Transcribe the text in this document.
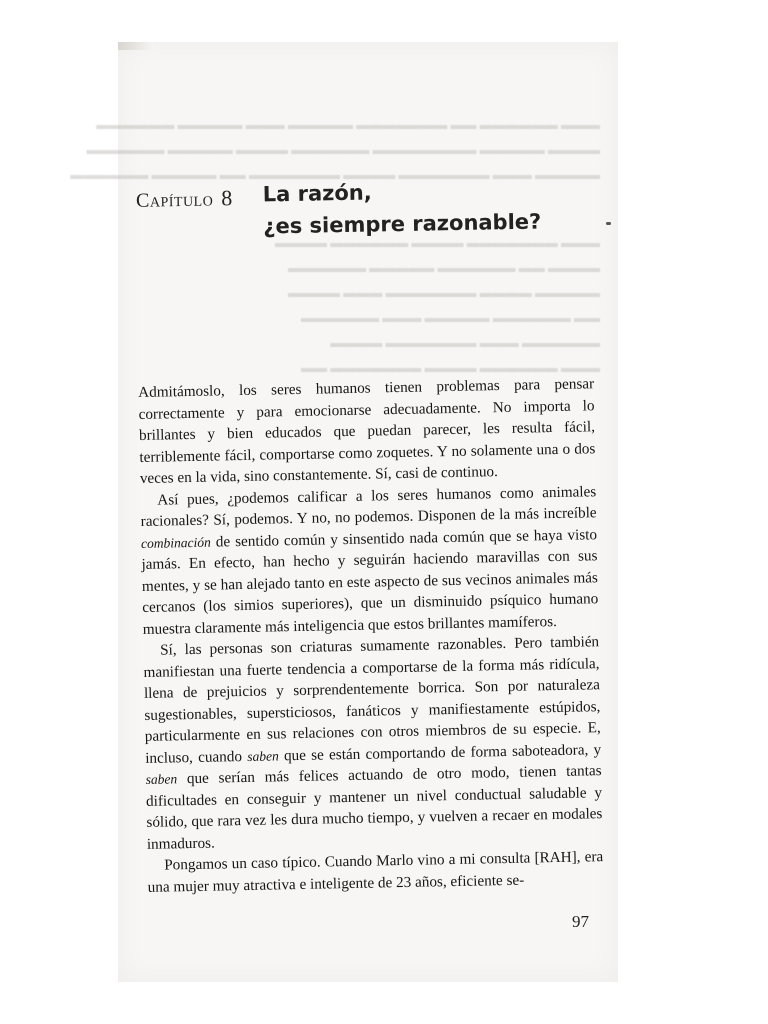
▬▬▬ ▬▬▬▬▬▬ ▬▬ ▬▬▬▬▬▬▬ ▬▬▬▬▬ ▬▬▬ ▬▬▬▬▬ ▬▬▬▬▬▬
▬▬▬▬ ▬▬▬▬▬ ▬▬▬▬▬▬▬▬ ▬▬▬▬▬▬ ▬▬▬▬ ▬▬▬▬▬ ▬▬▬▬▬▬
▬▬▬▬▬ ▬▬▬ ▬▬▬▬▬▬▬ ▬▬▬▬ ▬▬▬▬▬▬▬ ▬▬ ▬▬▬▬▬ ▬▬▬▬▬▬
▬▬▬ ▬▬▬▬▬▬▬ ▬▬▬▬ ▬▬▬▬▬▬ ▬▬▬▬
▬▬▬▬ ▬▬ ▬▬▬▬▬▬ ▬▬▬▬▬ ▬▬▬▬▬▬
▬▬▬▬▬ ▬▬▬▬ ▬▬▬▬▬▬▬ ▬▬▬ ▬▬▬▬
▬▬ ▬▬▬▬▬▬ ▬▬▬▬▬ ▬▬▬ ▬▬▬▬▬▬
▬▬▬▬▬▬ ▬▬▬ ▬▬▬▬▬▬▬ ▬▬▬▬
▬▬▬ ▬▬▬▬▬▬ ▬▬▬▬ ▬▬▬▬▬▬▬ ▬▬
Capítulo 8 La razón,
¿es siempre razonable?

Admitámoslo, los seres humanos tienen problemas para pensar correctamente y para emocionarse adecuadamente. No importa lo brillantes y bien educados que puedan parecer, les resulta fácil, terriblemente fácil, comportarse como zoquetes. Y no solamente una o dos veces en la vida, sino constantemente. Sí, casi de continuo.

Así pues, ¿podemos calificar a los seres humanos como animales racionales? Sí, podemos. Y no, no podemos. Disponen de la más increíble combinación de sentido común y sinsentido nada común que se haya visto jamás. En efecto, han hecho y seguirán haciendo maravillas con sus mentes, y se han alejado tanto en este aspecto de sus vecinos animales más cercanos (los simios superiores), que un disminuido psíquico humano muestra claramente más inteligencia que estos brillantes mamíferos.

Sí, las personas son criaturas sumamente razonables. Pero también manifiestan una fuerte tendencia a comportarse de la forma más ridícula, llena de prejuicios y sorprendentemente borrica. Son por naturaleza sugestionables, supersticiosos, fanáticos y manifiestamente estúpidos, particularmente en sus relaciones con otros miembros de su especie. E, incluso, cuando saben que se están comportando de forma saboteadora, y saben que serían más felices actuando de otro modo, tienen tantas dificultades en conseguir y mantener un nivel conductual saludable y sólido, que rara vez les dura mucho tiempo, y vuelven a recaer en modales inmaduros.

Pongamos un caso típico. Cuando Marlo vino a mi consulta [RAH], era una mujer muy atractiva e inteligente de 23 años, eficiente se-

97
